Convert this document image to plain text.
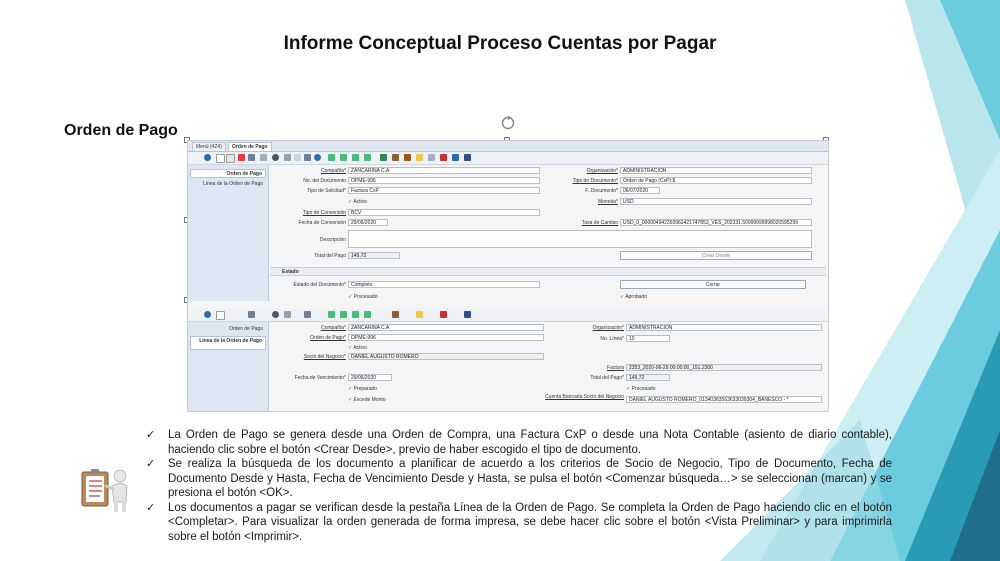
Informe Conceptual Proceso Cuentas por Pagar
Orden de Pago
Menú (4Z4)	Orden de Pago
Orden de Pago
Línea de la Orden de Pago
Compañía*	ZANCARINA C.A
No. del Documento	OPME-996
Tipo de Solicitud*	Factura CxP
✓ Activo
Tipo de Conversión	BCV
Fecha de Conversión	29/06/2020
Descripción
Total del Pago	149,72
Organización*	ADMINISTRACIÓN
Tipo de Documento*	Orden de Pago (CxP) $
F. Documento*	06/07/2020
Moneda*	USD
Tasa de Cambio	USD_0_000004942393962421747853_VES_202331.50999999998020595299
Crear Desde
Estado
Estado del Documento*	Completo	Cerrar
✓ Procesado
✓	Aprobado
Orden de Pago
Línea de la Orden de Pago
Compañía*	ZANCARINA C.A
Orden de Pago*	OPME-996
✓ Activo
Socio del Negocio*	DANIEL AUGUSTO ROMERO
Fecha de Vencimiento*	29/06/2020
✓ Preparado
✓ Excede Monto
Organización*	ADMINISTRACIÓN
No. Línea*	10
Factura	2353_2020-06-29 00:00:00_151.2300
Total del Pago*	149,72
✓ Procesado
Cuenta Bancaria Socio del Negocio	DANIEL AUGUSTO ROMERO_01340363563633039304_BANESCO - *
✓ La Orden de Pago se genera desde una Orden de Compra, una Factura CxP o desde una Nota Contable (asiento de diario contable), haciendo clic sobre el botón <Crear Desde>, previo de haber escogido el tipo de documento.
✓ Se realiza la búsqueda de los documento a planificar de acuerdo a los criterios de Socio de Negocio, Tipo de Documento, Fecha de Documento Desde y Hasta, Fecha de Vencimiento Desde y Hasta, se pulsa el botón <Comenzar búsqueda…> se seleccionan (marcan) y se presiona el botón <OK>.
✓ Los documentos a pagar se verifican desde la pestaña Línea de la Orden de Pago. Se completa la Orden de Pago haciendo clic en el botón <Completar>. Para visualizar la orden generada de forma impresa, se debe hacer clic sobre el botón <Vista Preliminar> y para imprimirla sobre el botón <Imprimir>.
